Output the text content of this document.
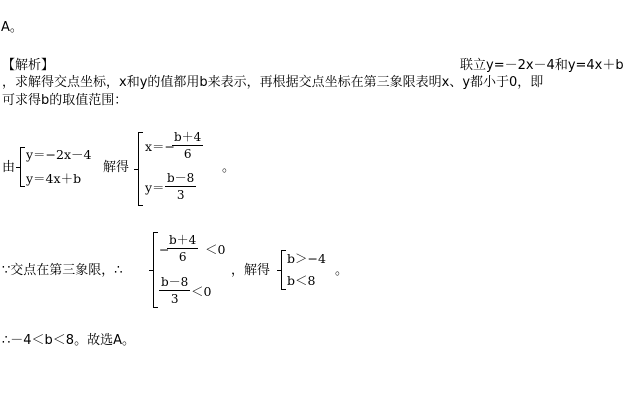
A。
【解析】	联立y=－2x－4和y=4x＋b
，求解得交点坐标，x和y的值都用b来表示，再根据交点坐标在第三象限表明x、y都小于0，即
可求得b的取值范围：
由
y＝−2x－4
y＝4x＋b
解得
x＝−
$\frac{b+4}{6}$
$y= \frac{b-8}{3}$
。
∵交点在第三象限，∴
−
$\frac{b+4}{6} <0$
$\frac{b-8}{3} <0$
，解得
b＞−4
b＜8
。
∴－4＜b＜8。故选A。
